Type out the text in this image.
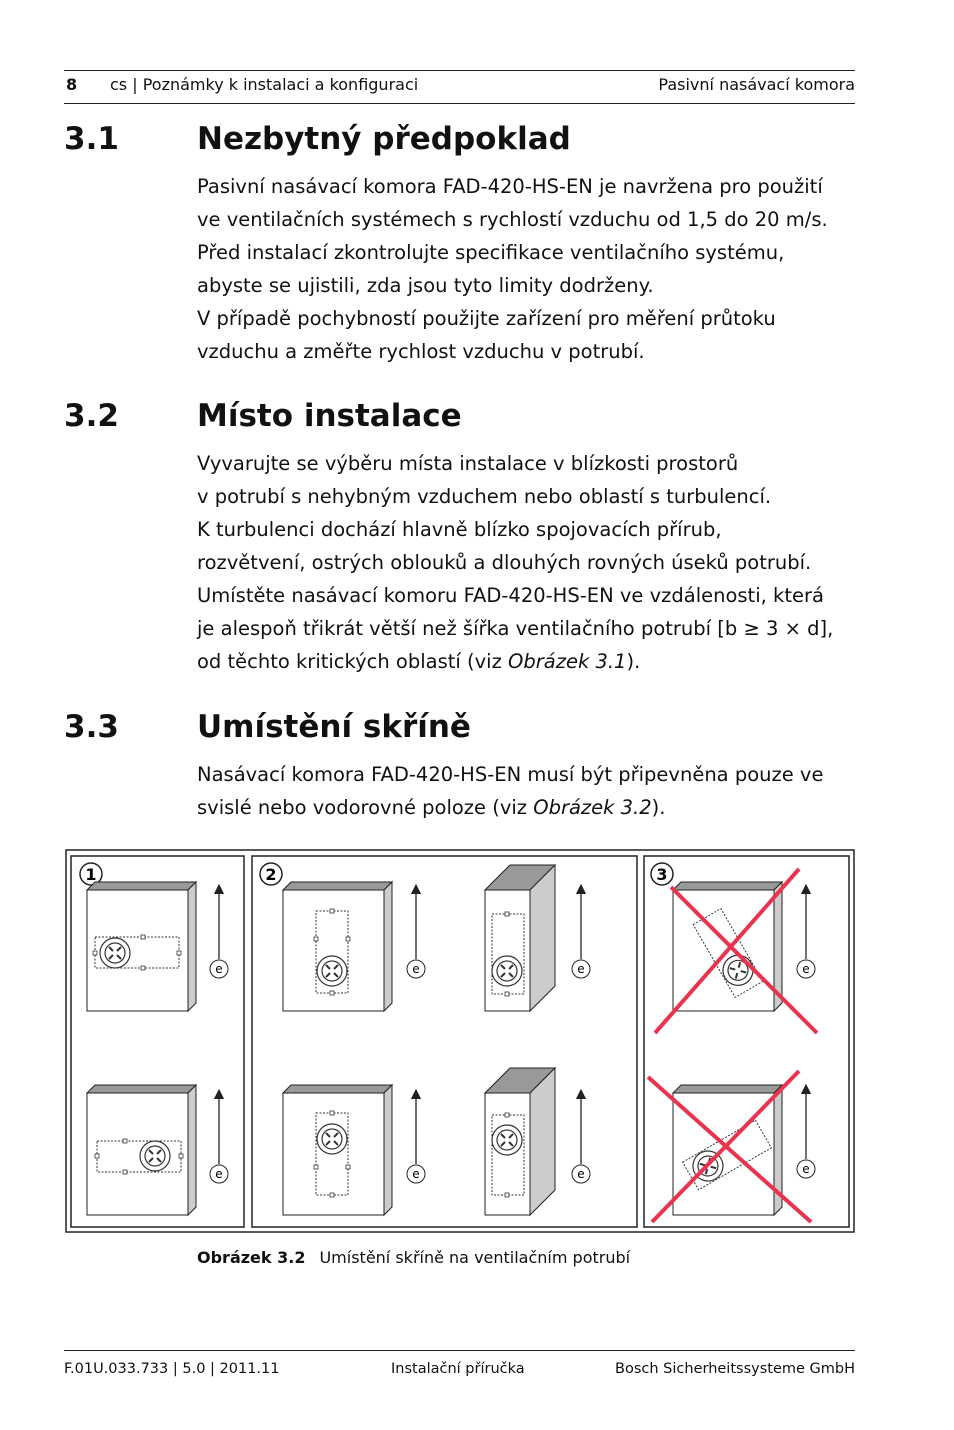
8 cs | Poznámky k instalaci a konfiguraci	Pasivní nasávací komora
3.1	Nezbytný předpoklad
Pasivní nasávací komora FAD-420-HS-EN je navržena pro použití
ve ventilačních systémech s rychlostí vzduchu od 1,5 do 20 m/s.
Před instalací zkontrolujte specifikace ventilačního systému,
abyste se ujistili, zda jsou tyto limity dodrženy.
V případě pochybností použijte zařízení pro měření průtoku
vzduchu a změřte rychlost vzduchu v potrubí.
3.2	Místo instalace
Vyvarujte se výběru místa instalace v blízkosti prostorů
v potrubí s nehybným vzduchem nebo oblastí s turbulencí.
K turbulenci dochází hlavně blízko spojovacích přírub,
rozvětvení, ostrých oblouků a dlouhých rovných úseků potrubí.
Umístěte nasávací komoru FAD-420-HS-EN ve vzdálenosti, která
je alespoň třikrát větší než šířka ventilačního potrubí [b ≥ 3 × d],
od těchto kritických oblastí (viz Obrázek 3.1).
3.3	Umístění skříně
Nasávací komora FAD-420-HS-EN musí být připevněna pouze ve
svislé nebo vodorovné poloze (viz Obrázek 3.2).
1	2	3
e
e
e
e
e
e
e
e
Obrázek 3.2 Umístění skříně na ventilačním potrubí
F.01U.033.733 | 5.0 | 2011.11	Instalační příručka	Bosch Sicherheitssysteme GmbH
